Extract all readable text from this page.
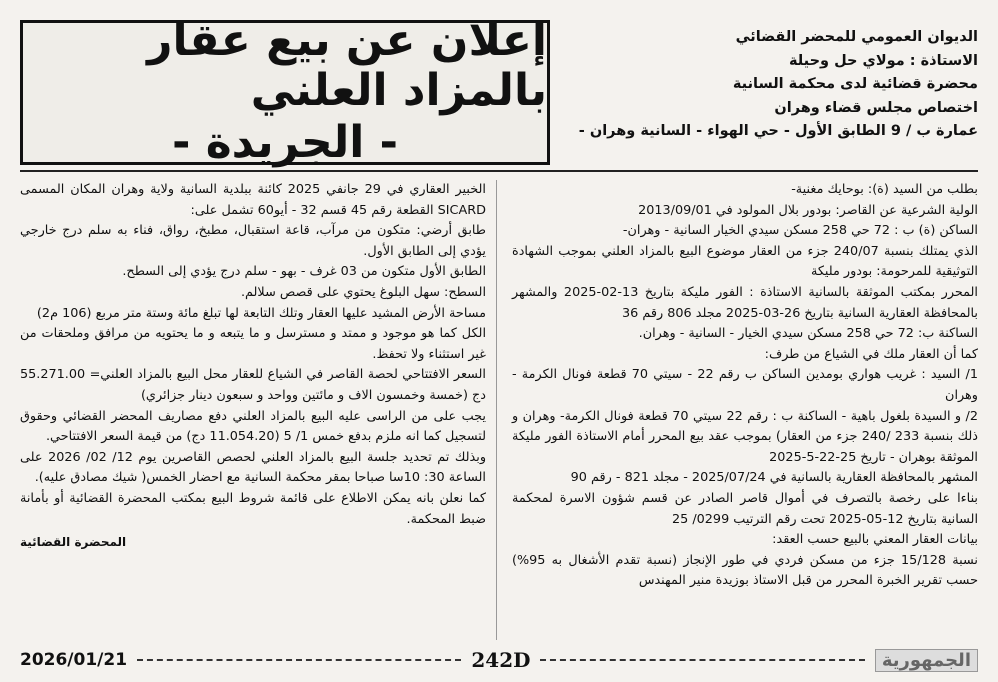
إعلان عن بيع عقار بالمزاد العلني
- الجريدة -
الديوان العمومي للمحضر القضائي
الاستاذة : مولاي حل وحيلة
محضرة قضائية لدى محكمة السانية
اختصاص مجلس قضاء وهران
عمارة ب / 9 الطابق الأول - حي الهواء - السانية وهران -

بطلب من السيد (ة): بوحايك مغنية-

الولية الشرعية عن القاصر: بودور بلال المولود في 2013/09/01

الساكن (ة) ب : 72 حي 258 مسكن سيدي الخيار السانية - وهران-

الذي يمتلك بنسبة 240/07 جزء من العقار موضوع البيع بالمزاد العلني بموجب الشهادة التوثيقية للمرحومة: بودور مليكة

المحرر بمكتب الموثقة بالسانية الاستاذة : الفور مليكة بتاريخ 13-02-2025 والمشهر بالمحافظة العقارية السانية بتاريخ 26-03-2025 مجلد 806 رقم 36

الساكنة ب: 72 حي 258 مسكن سيدي الخيار - السانية - وهران.

كما أن العقار ملك في الشياع من طرف:

1/ السيد : غريب هواري بومدين الساكن ب رقم 22 - سيتي 70 قطعة فونال الكرمة - وهران

2/ و السيدة بلغول باهية - الساكنة ب : رقم 22 سيتي 70 قطعة فونال الكرمة- وهران و ذلك بنسبة 233 /240 جزء من العقار) بموجب عقد بيع المحرر أمام الاستاذة الفور مليكة الموثقة بوهران - تاريخ 25-22-5-2025

المشهر بالمحافظة العقارية بالسانية في 2025/07/24 - مجلد 821 - رقم 90

بناءا على رخصة بالتصرف في أموال قاصر الصادر عن قسم شؤون الاسرة لمحكمة السانية بتاريخ 12-05-2025 تحت رقم الترتيب 0299/ 25

بيانات العقار المعني بالبيع حسب العقد:

نسبة 15/128 جزء من مسكن فردي في طور الإنجاز (نسبة تقدم الأشغال به 95%) حسب تقرير الخبرة المحرر من قبل الاستاذ بوزيدة منير المهندس

الخبير العقاري في 29 جانفي 2025 كائنة ببلدية السانية ولاية وهران المكان المسمى SICARD القطعة رقم 45 قسم 32 - أيو60 تشمل على:

طابق أرضي: متكون من مرآب، قاعة استقبال، مطبخ، رواق، فناء به سلم درج خارجي يؤدي إلى الطابق الأول.

الطابق الأول متكون من 03 غرف - بهو - سلم درج يؤدي إلى السطح.

السطح: سهل البلوغ يحتوي على قصص سلالم.

مساحة الأرض المشيد عليها العقار وتلك التابعة لها تبلغ مائة وستة متر مربع (106 م2)

الكل كما هو موجود و ممتد و مسترسل و ما يتبعه و ما يحتويه من مرافق وملحقات من غير استثناء ولا تحفظ.

السعر الافتتاحي لحصة القاصر في الشياع للعقار محل البيع بالمزاد العلني= 55.271.00 دج (خمسة وخمسون الاف و مائتين وواحد و سبعون دينار جزائري)

يجب على من الراسى عليه البيع بالمزاد العلني دفع مصاريف المحضر القضائي وحقوق لتسجيل كما انه ملزم بدفع خمس 1/ 5 (11.054.20 دج) من قيمة السعر الافتتاحي.

وبذلك تم تحديد جلسة البيع بالمزاد العلني لحصص القاصرين يوم 12/ 02/ 2026 على الساعة 30: 10سا صباحا بمقر محكمة السانية مع احضار الخمس( شيك مصادق عليه).

كما نعلن بانه يمكن الاطلاع على قائمة شروط البيع بمكتب المحضرة القضائية أو بأمانة ضبط المحكمة.

المحضرة القضائية
الجمهورية
242D
2026/01/21
